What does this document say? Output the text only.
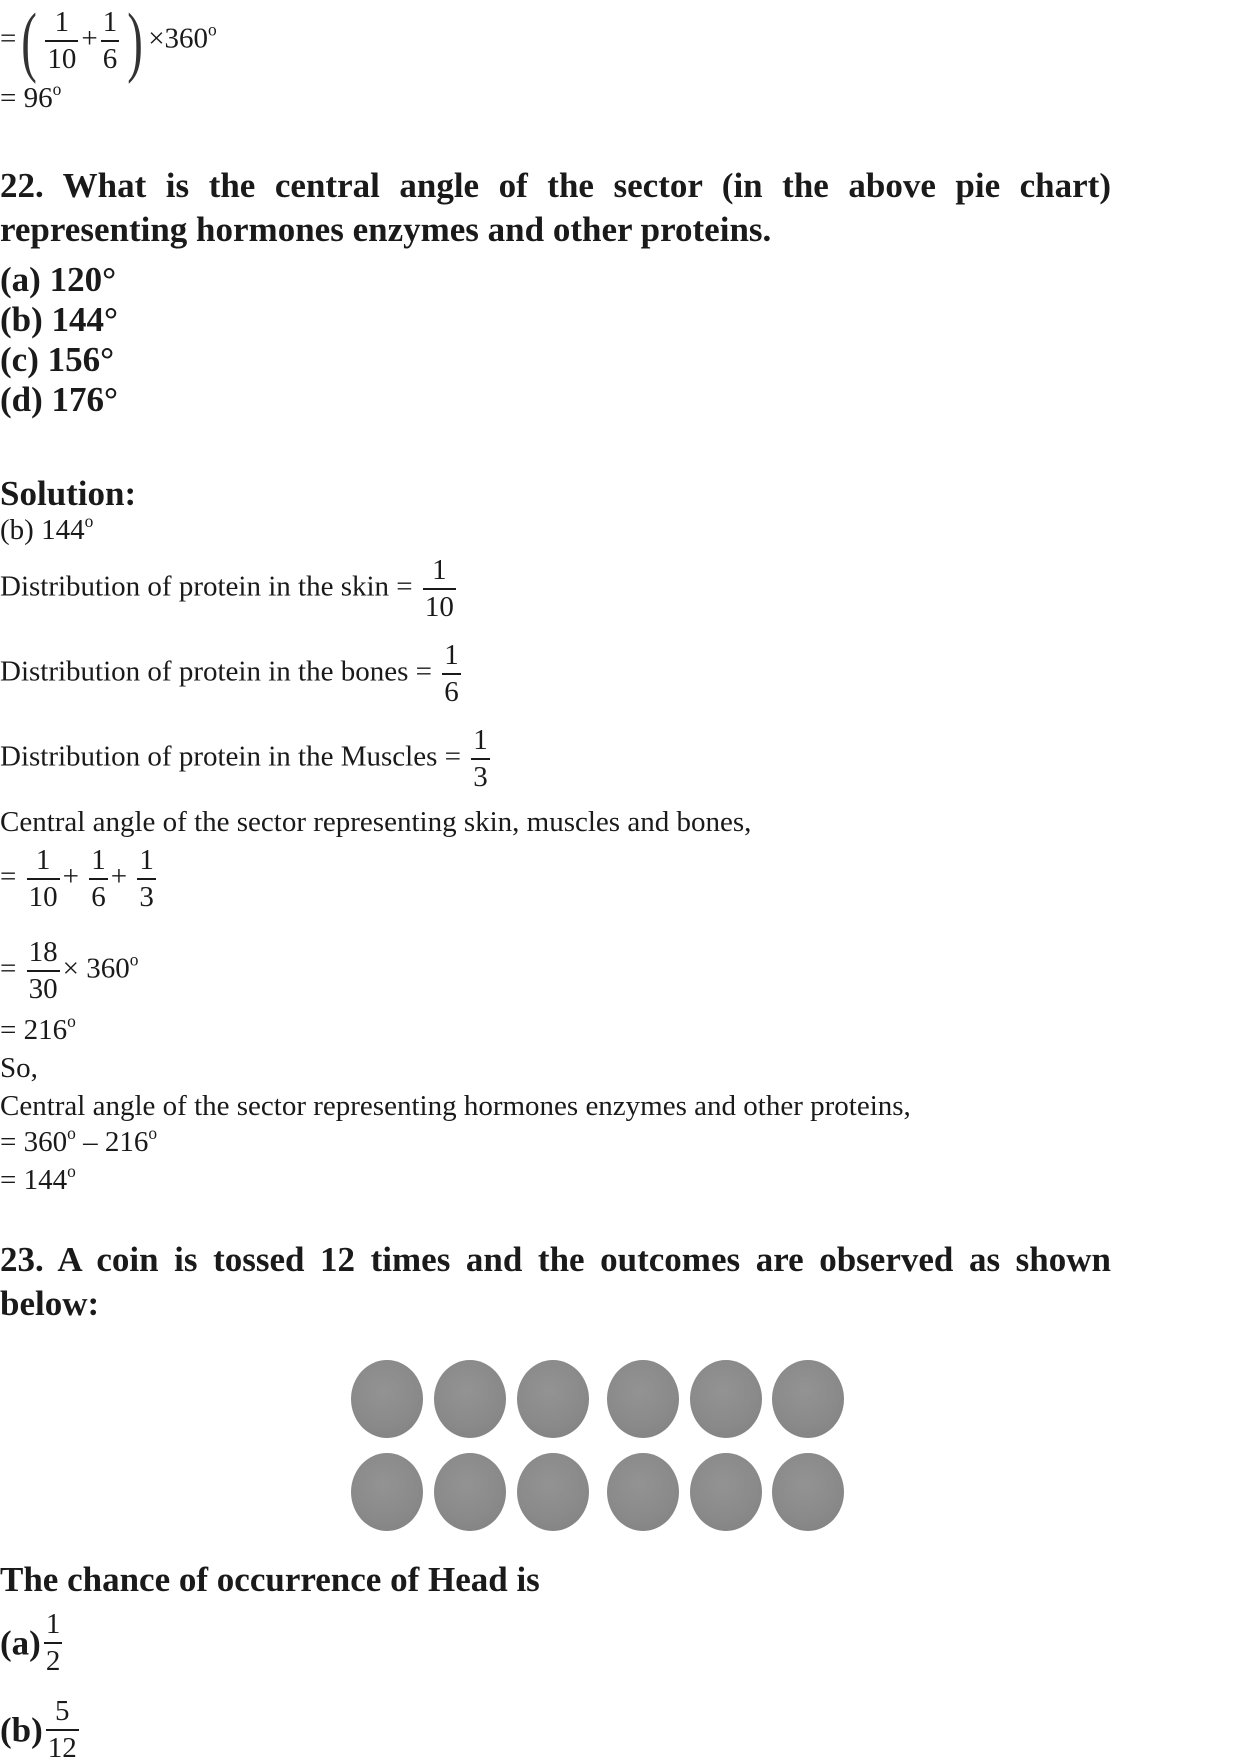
=( $\frac{1}{10} + \frac{1}{6}$ ) $\times 360^o$
= $96^o$
22. What is the central angle of the sector (in the above pie chart) representing hormones enzymes and other proteins.
(a) 120°
(b) 144°
(c) 156°
(d) 176°
Solution:
(b) 144$^o$
Distribution of protein in the skin = $\frac{1}{10}$
Distribution of protein in the bones = $\frac{1}{6}$
Distribution of protein in the Muscles = $\frac{1}{3}$
Central angle of the sector representing skin, muscles and bones,
= $\frac{1}{10} + \frac{1}{6} + \frac{1}{3}$
= $\frac{18}{30} \times 360^o$
= $216^o$
So,
Central angle of the sector representing hormones enzymes and other proteins,
= $360^o - 216^o$
= $144^o$
23. A coin is tossed 12 times and the outcomes are observed as shown
below:
The chance of occurrence of Head is
$(a) \frac{1}{2}$
$(b) \frac{5}{12}$
